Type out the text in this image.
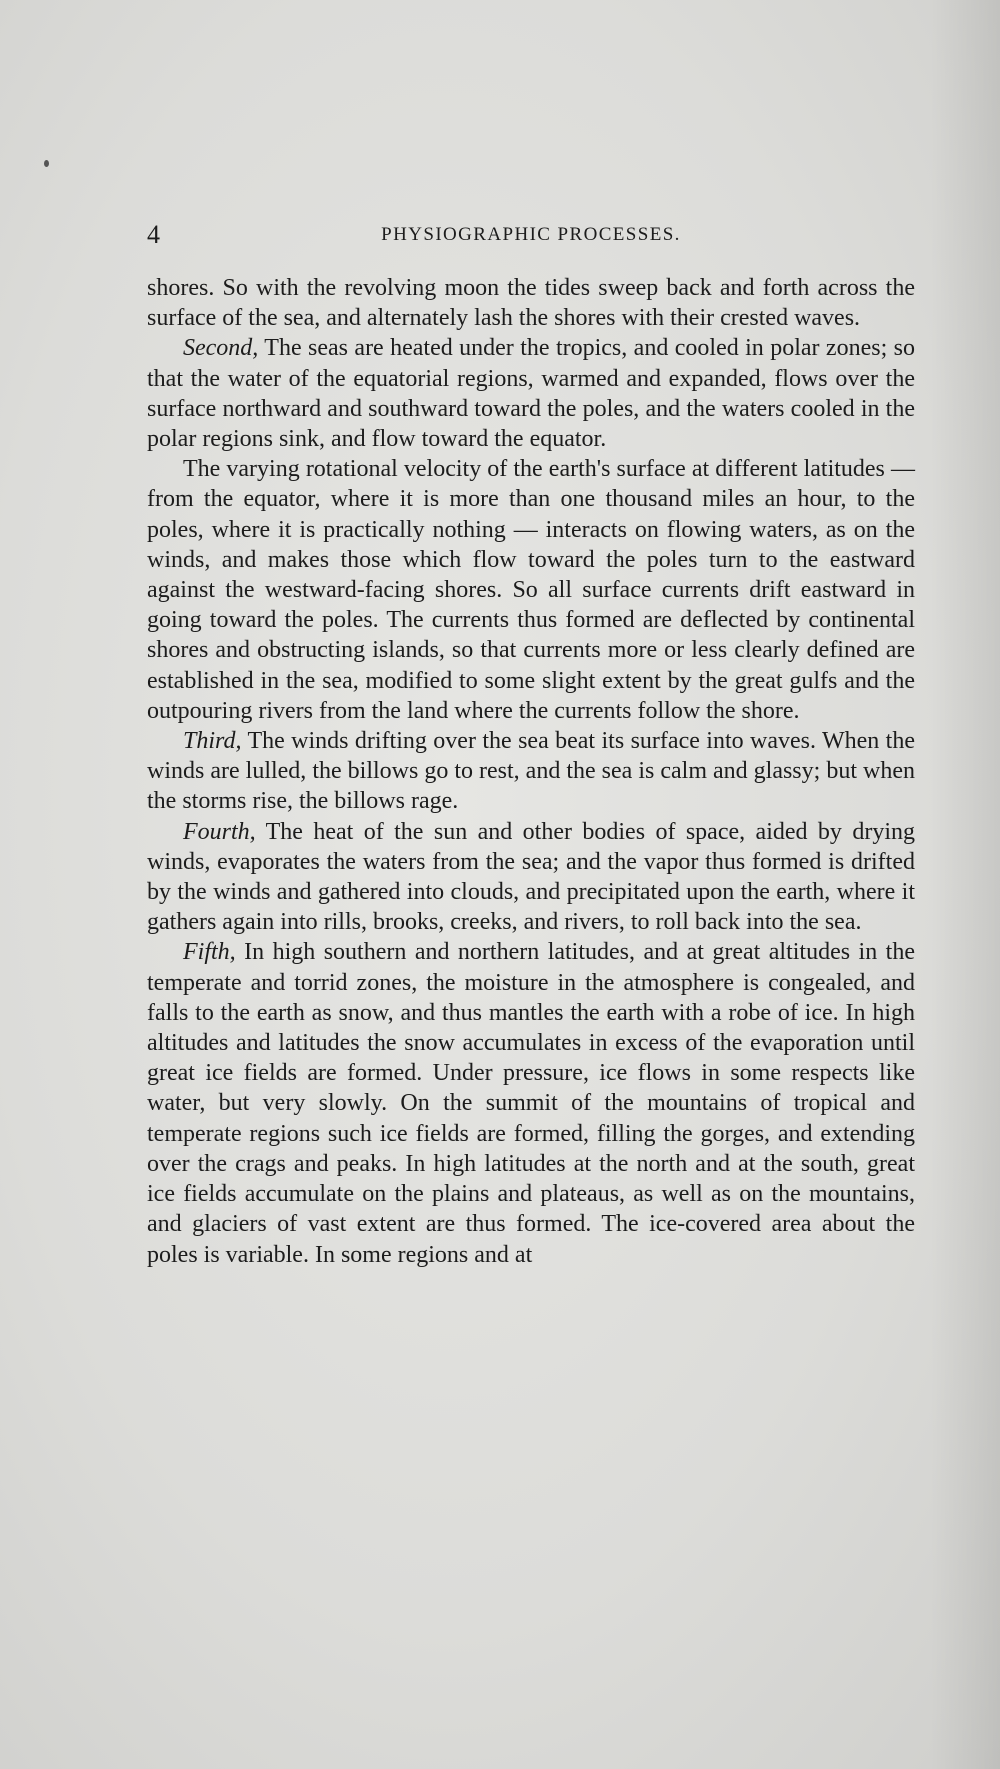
4	PHYSIOGRAPHIC PROCESSES.

shores. So with the revolving moon the tides sweep back and forth across the surface of the sea, and alternately lash the shores with their crested waves.

Second, The seas are heated under the tropics, and cooled in polar zones; so that the water of the equatorial regions, warmed and expanded, flows over the surface northward and southward toward the poles, and the waters cooled in the polar regions sink, and flow toward the equator.

The varying rotational velocity of the earth's surface at different latitudes — from the equator, where it is more than one thousand miles an hour, to the poles, where it is practically nothing — interacts on flowing waters, as on the winds, and makes those which flow toward the poles turn to the eastward against the westward-facing shores. So all surface currents drift eastward in going toward the poles. The currents thus formed are deflected by continental shores and obstructing islands, so that currents more or less clearly defined are established in the sea, modified to some slight extent by the great gulfs and the outpouring rivers from the land where the currents follow the shore.

Third, The winds drifting over the sea beat its surface into waves. When the winds are lulled, the billows go to rest, and the sea is calm and glassy; but when the storms rise, the billows rage.

Fourth, The heat of the sun and other bodies of space, aided by drying winds, evaporates the waters from the sea; and the vapor thus formed is drifted by the winds and gathered into clouds, and precipitated upon the earth, where it gathers again into rills, brooks, creeks, and rivers, to roll back into the sea.

Fifth, In high southern and northern latitudes, and at great altitudes in the temperate and torrid zones, the moisture in the atmosphere is congealed, and falls to the earth as snow, and thus mantles the earth with a robe of ice. In high altitudes and latitudes the snow accumulates in excess of the evaporation until great ice fields are formed. Under pressure, ice flows in some respects like water, but very slowly. On the summit of the mountains of tropical and temperate regions such ice fields are formed, filling the gorges, and extending over the crags and peaks. In high latitudes at the north and at the south, great ice fields accumulate on the plains and plateaus, as well as on the mountains, and glaciers of vast extent are thus formed. The ice-covered area about the poles is variable. In some regions and at
